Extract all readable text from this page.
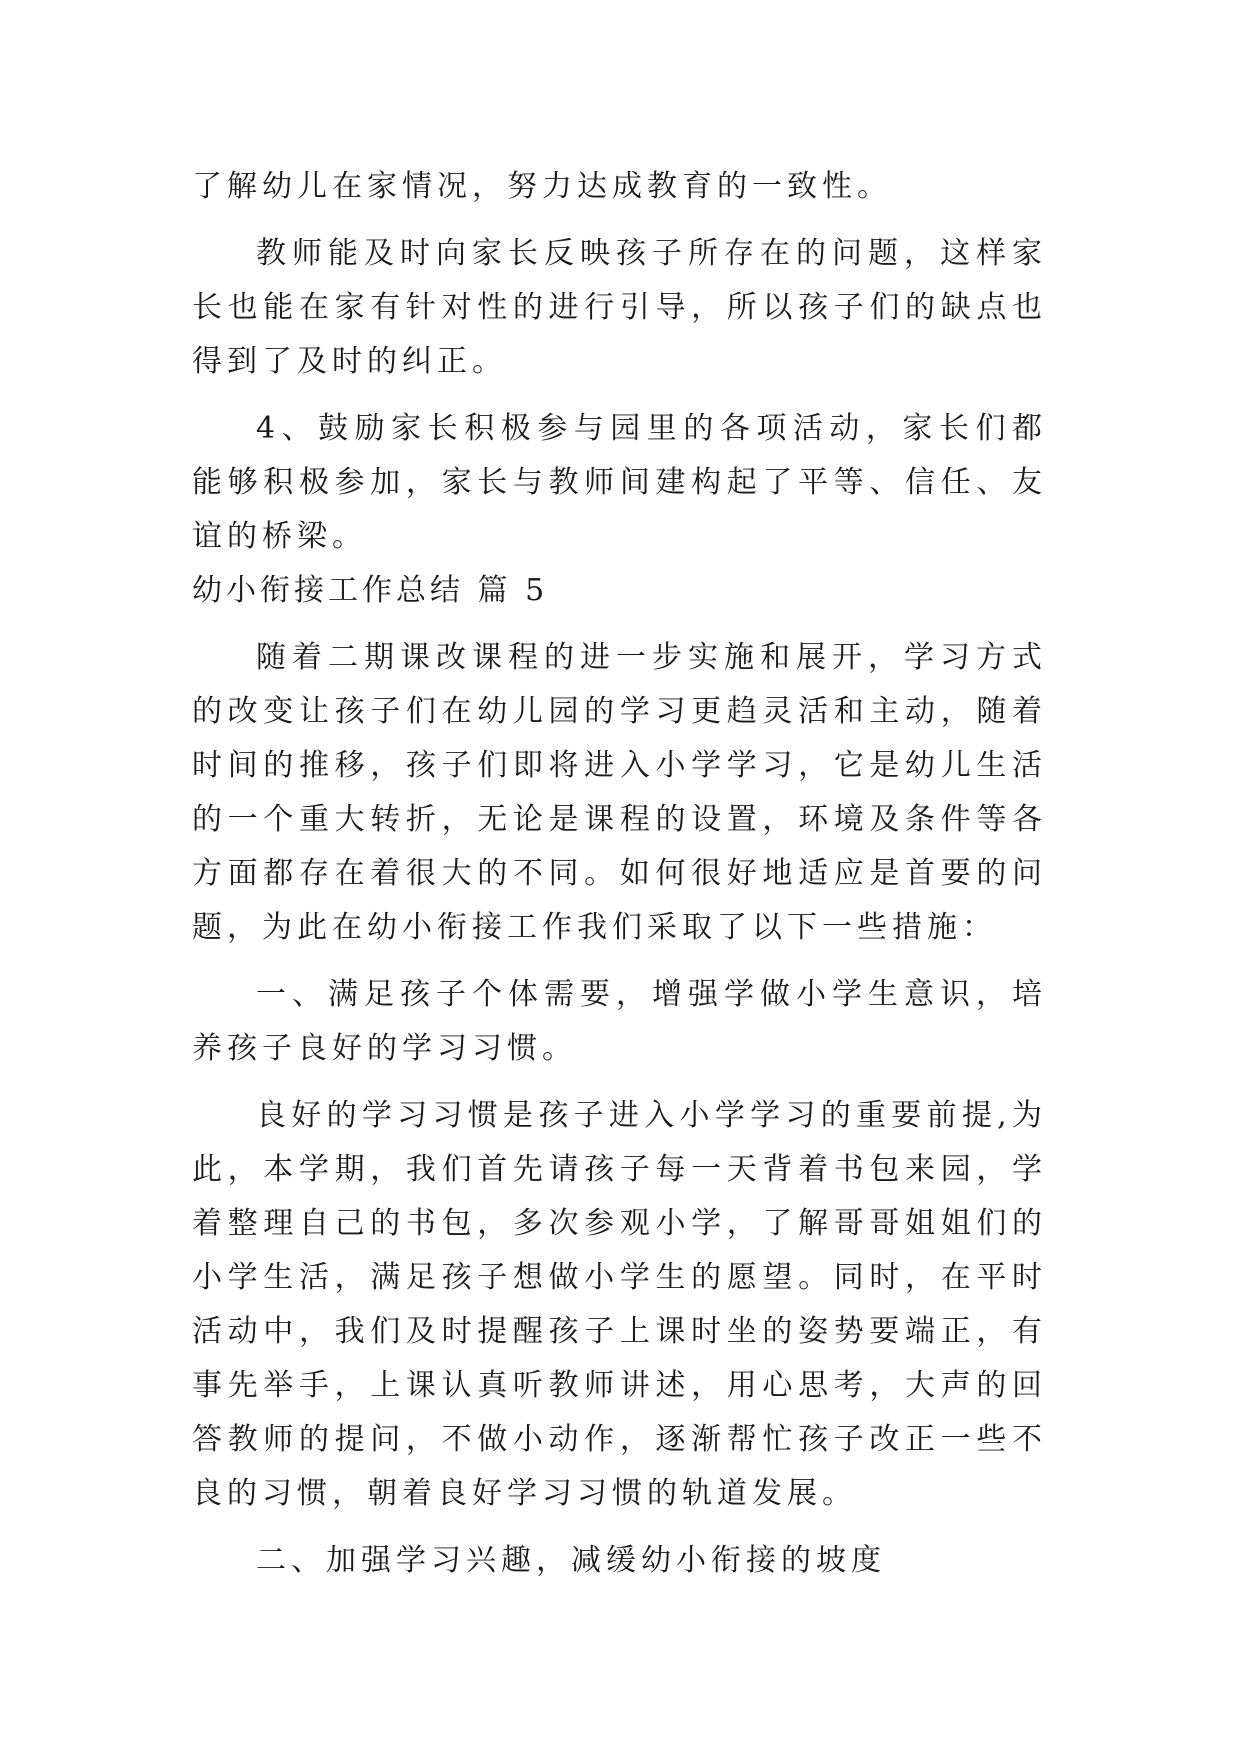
了解幼儿在家情况，努力达成教育的一致性。

教师能及时向家长反映孩子所存在的问题，这样家长也能在家有针对性的进行引导，所以孩子们的缺点也得到了及时的纠正。

4、鼓励家长积极参与园里的各项活动，家长们都能够积极参加，家长与教师间建构起了平等、信任、友谊的桥梁。

幼小衔接工作总结 篇 5

随着二期课改课程的进一步实施和展开，学习方式的改变让孩子们在幼儿园的学习更趋灵活和主动，随着时间的推移，孩子们即将进入小学学习，它是幼儿生活的一个重大转折，无论是课程的设置，环境及条件等各方面都存在着很大的不同。如何很好地适应是首要的问题，为此在幼小衔接工作我们采取了以下一些措施：

一、满足孩子个体需要，增强学做小学生意识，培养孩子良好的学习习惯。

良好的学习习惯是孩子进入小学学习的重要前提,为此，本学期，我们首先请孩子每一天背着书包来园，学着整理自己的书包，多次参观小学，了解哥哥姐姐们的小学生活，满足孩子想做小学生的愿望。同时，在平时活动中，我们及时提醒孩子上课时坐的姿势要端正，有事先举手，上课认真听教师讲述，用心思考，大声的回答教师的提问，不做小动作，逐渐帮忙孩子改正一些不良的习惯，朝着良好学习习惯的轨道发展。

二、加强学习兴趣，减缓幼小衔接的坡度
